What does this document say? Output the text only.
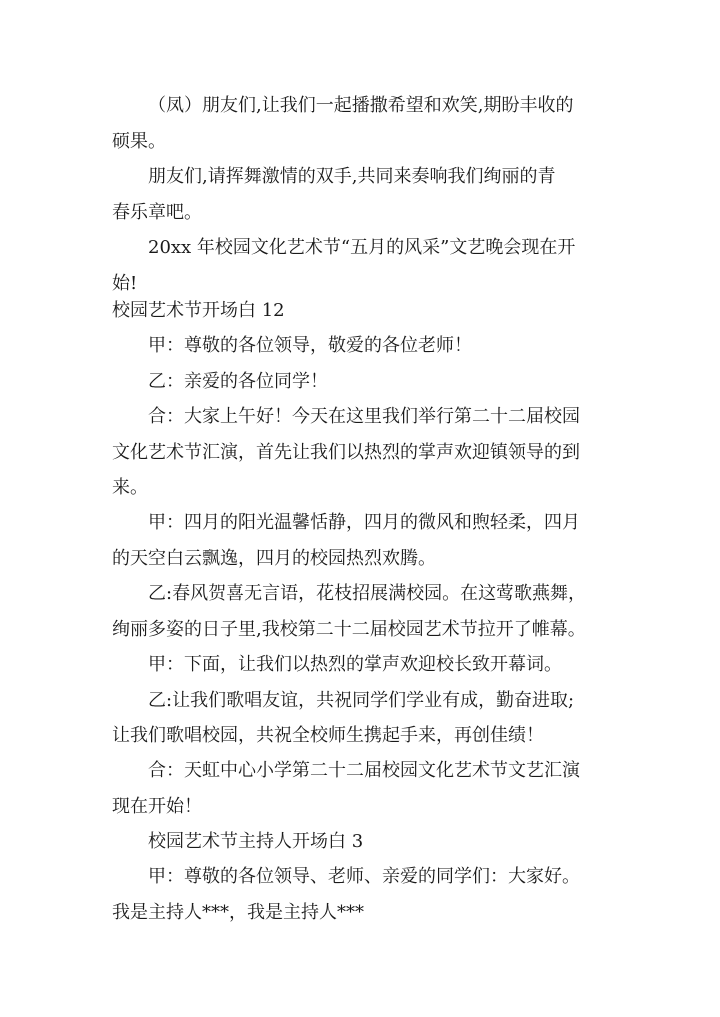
（凤）朋友们,让我们一起播撒希望和欢笑,期盼丰收的
硕果。
朋友们,请挥舞激情的双手,共同来奏响我们绚丽的青
春乐章吧。
20xx 年校园文化艺术节“五月的风采”文艺晚会现在开
始!
校园艺术节开场白 12
甲：尊敬的各位领导，敬爱的各位老师！
乙：亲爱的各位同学！
合：大家上午好！今天在这里我们举行第二十二届校园
文化艺术节汇演，首先让我们以热烈的掌声欢迎镇领导的到
来。
甲：四月的阳光温馨恬静，四月的微风和煦轻柔，四月
的天空白云飘逸，四月的校园热烈欢腾。
乙:春风贺喜无言语，花枝招展满校园。在这莺歌燕舞，
绚丽多姿的日子里,我校第二十二届校园艺术节拉开了帷幕。
甲：下面，让我们以热烈的掌声欢迎校长致开幕词。
乙:让我们歌唱友谊，共祝同学们学业有成，勤奋进取;
让我们歌唱校园，共祝全校师生携起手来，再创佳绩！
合：天虹中心小学第二十二届校园文化艺术节文艺汇演
现在开始！
校园艺术节主持人开场白 3
甲：尊敬的各位领导、老师、亲爱的同学们：大家好。
我是主持人***，我是主持人***
